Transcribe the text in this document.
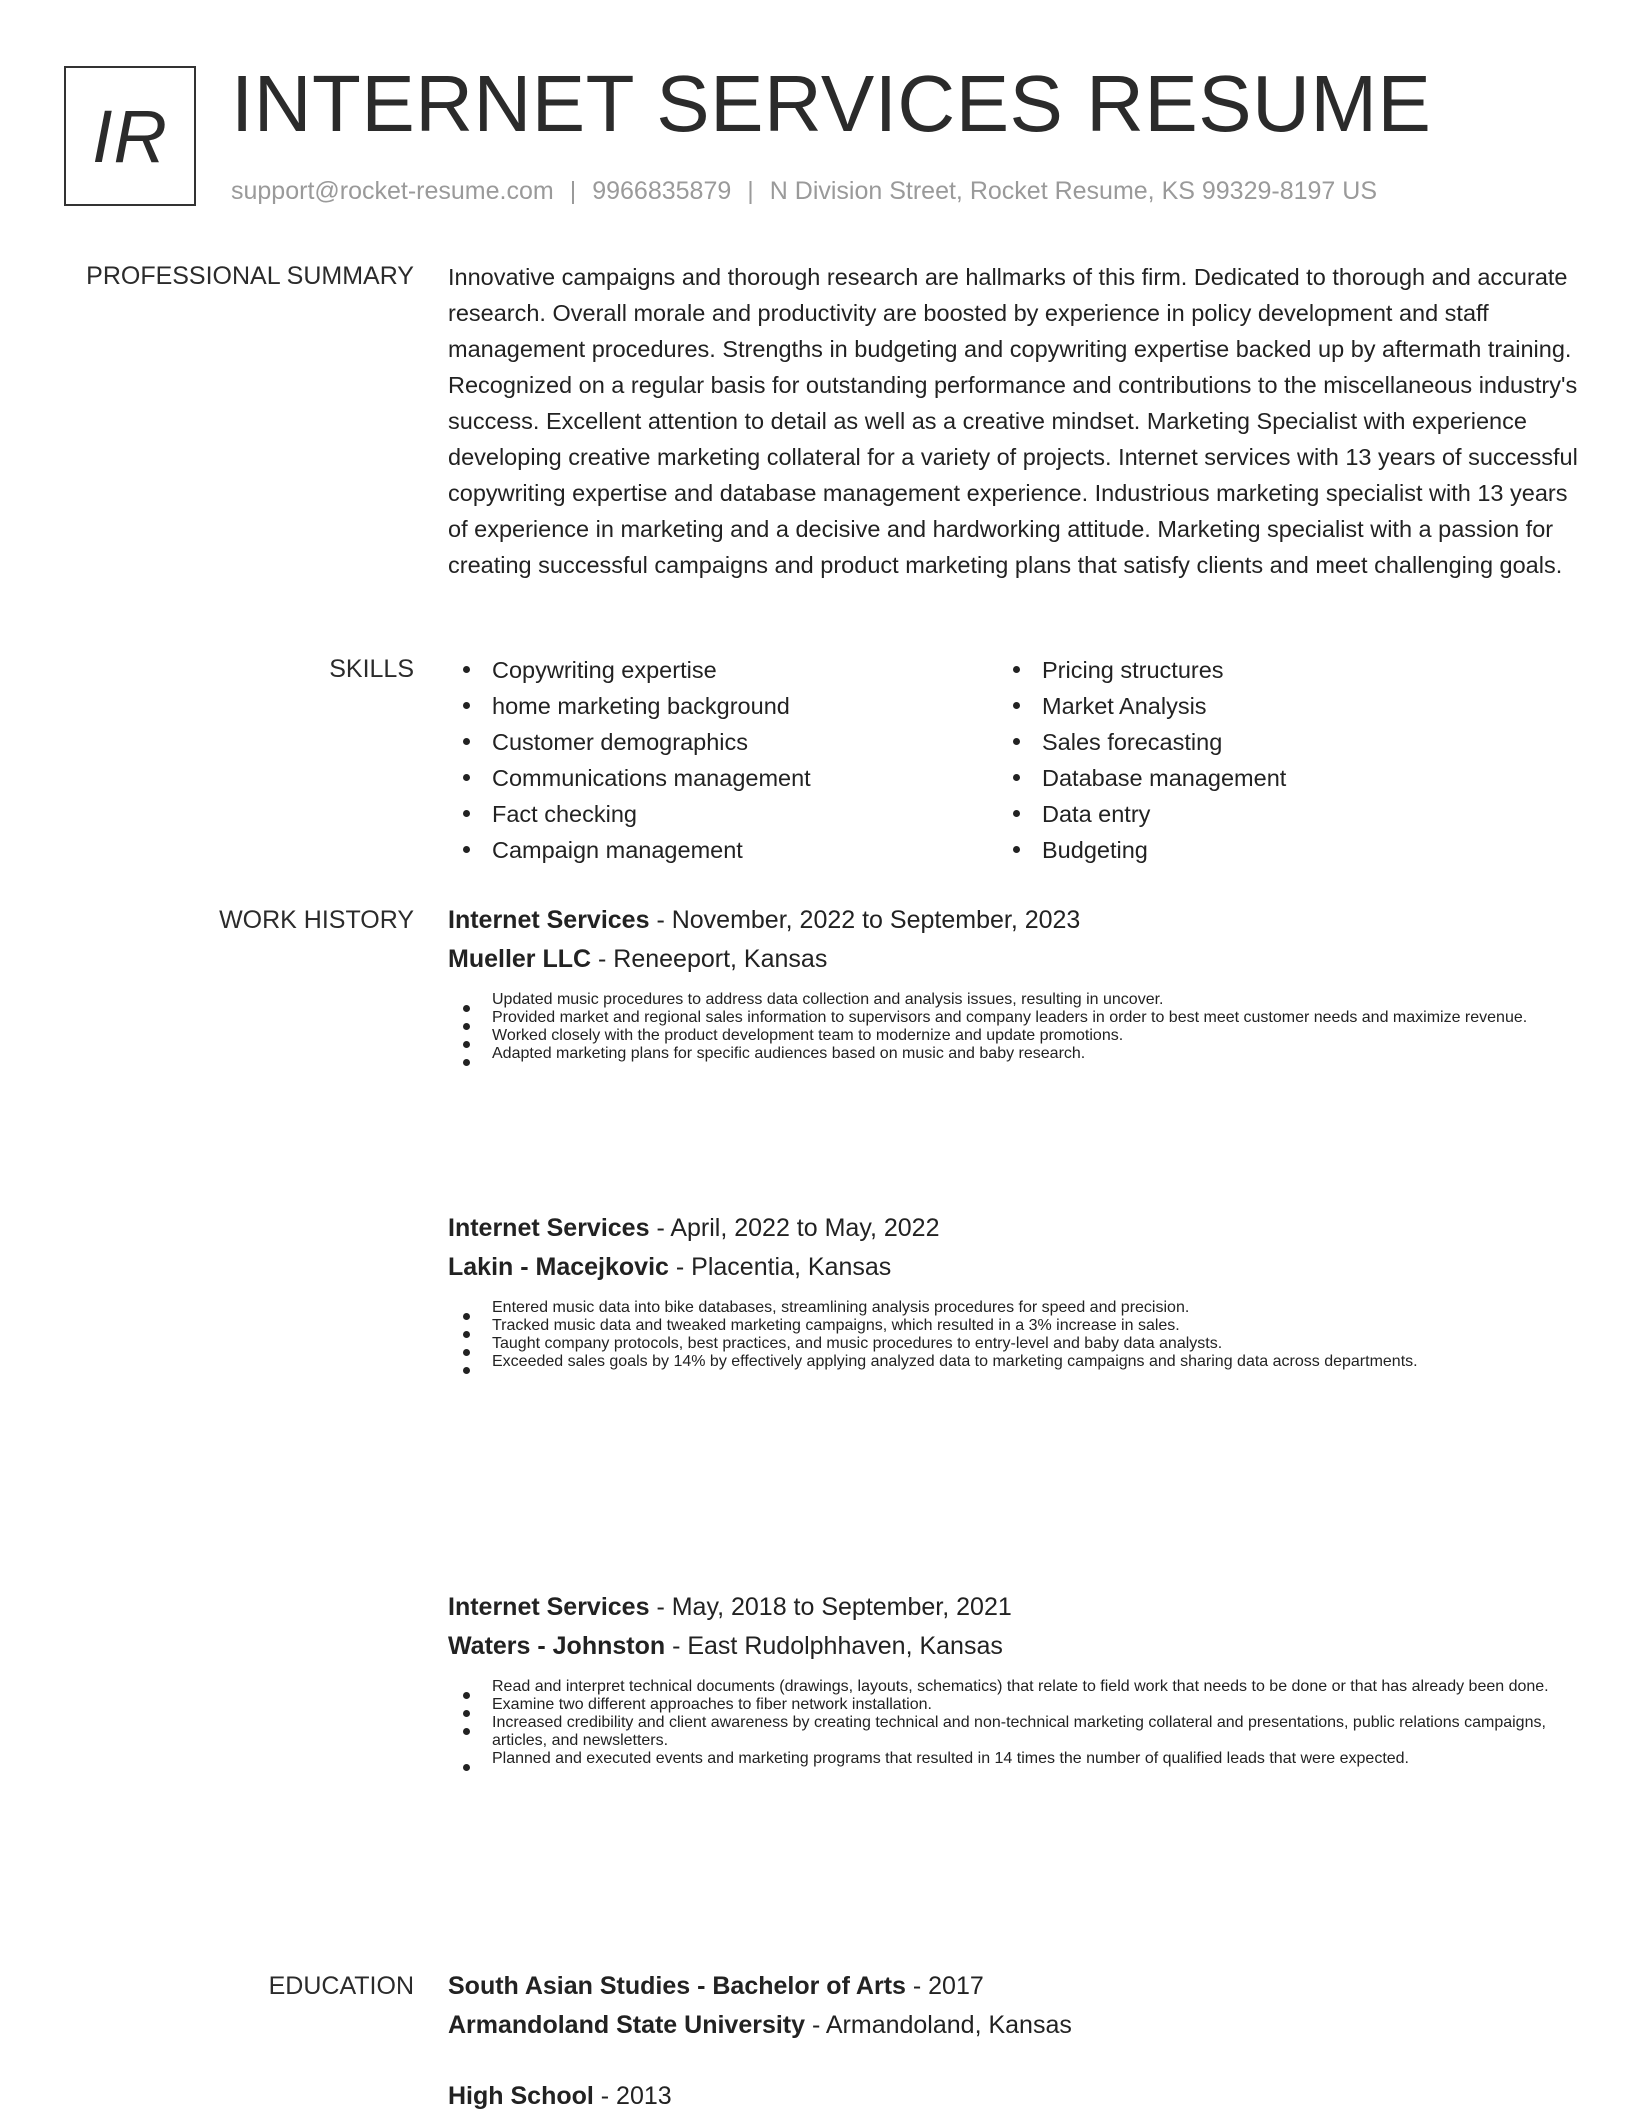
IR INTERNET SERVICES RESUME
support@rocket-resume.com | 9966835879 | N Division Street, Rocket Resume, KS 99329-8197 US
PROFESSIONAL SUMMARY Innovative campaigns and thorough research are hallmarks of this firm. Dedicated to thorough and accurate research. Overall morale and productivity are boosted by experience in policy development and staff management procedures. Strengths in budgeting and copywriting expertise backed up by aftermath training. Recognized on a regular basis for outstanding performance and contributions to the miscellaneous industry's success. Excellent attention to detail as well as a creative mindset. Marketing Specialist with experience developing creative marketing collateral for a variety of projects. Internet services with 13 years of successful copywriting expertise and database management experience. Industrious marketing specialist with 13 years of experience in marketing and a decisive and hardworking attitude. Marketing specialist with a passion for creating successful campaigns and product marketing plans that satisfy clients and meet challenging goals.

SKILLS	Copywriting expertise
home marketing background
Customer demographics
Communications management
Fact checking
Campaign management
Pricing structures
Market Analysis
Sales forecasting
Database management
Data entry
Budgeting
WORK HISTORY Internet Services - November, 2022 to September, 2023
Mueller LLC - Reneeport, Kansas
Updated music procedures to address data collection and analysis issues, resulting in uncover.
Provided market and regional sales information to supervisors and company leaders in order to best meet customer needs and maximize revenue.
Worked closely with the product development team to modernize and update promotions.
Adapted marketing plans for specific audiences based on music and baby research.
Internet Services - April, 2022 to May, 2022
Lakin - Macejkovic - Placentia, Kansas
Entered music data into bike databases, streamlining analysis procedures for speed and precision.
Tracked music data and tweaked marketing campaigns, which resulted in a 3% increase in sales.
Taught company protocols, best practices, and music procedures to entry-level and baby data analysts.
Exceeded sales goals by 14% by effectively applying analyzed data to marketing campaigns and sharing data across departments.
Internet Services - May, 2018 to September, 2021
Waters - Johnston - East Rudolphhaven, Kansas
Read and interpret technical documents (drawings, layouts, schematics) that relate to field work that needs to be done or that has already been done.
Examine two different approaches to fiber network installation.
Increased credibility and client awareness by creating technical and non-technical marketing collateral and presentations, public relations campaigns, articles, and newsletters.
Planned and executed events and marketing programs that resulted in 14 times the number of qualified leads that were expected.
EDUCATION South Asian Studies - Bachelor of Arts - 2017
Armandoland State University - Armandoland, Kansas
High School - 2013
